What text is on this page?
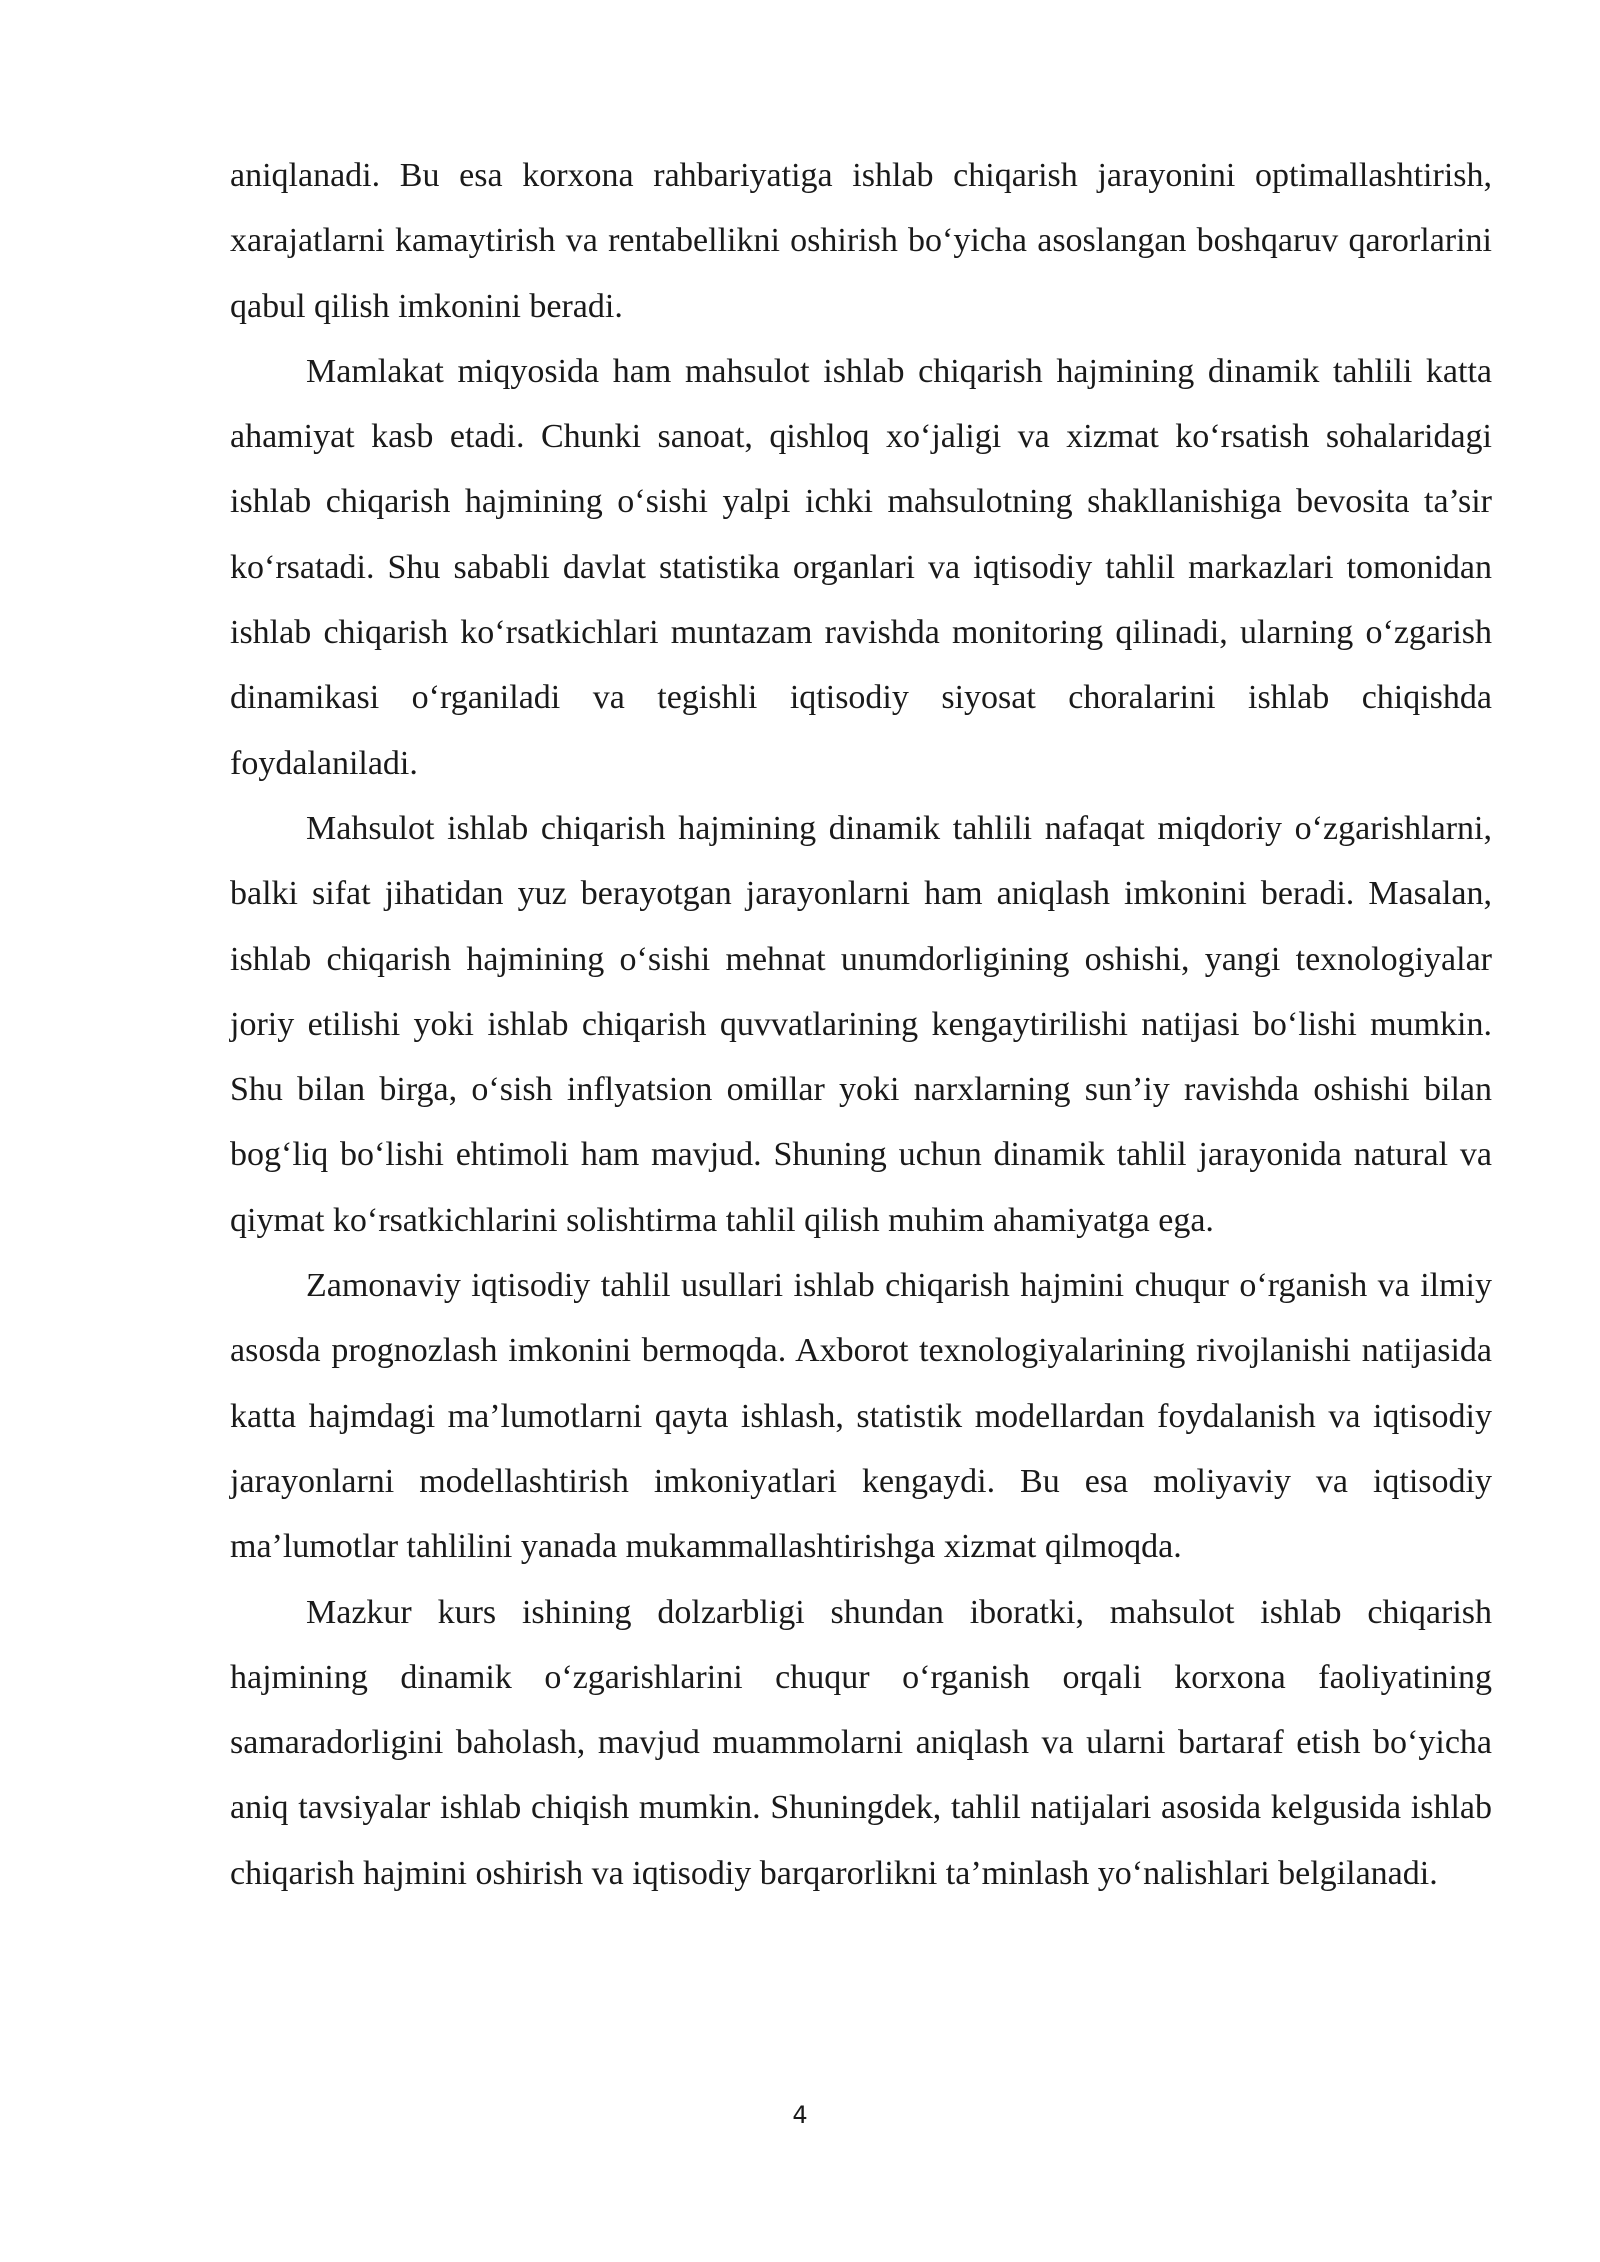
aniqlanadi. Bu esa korxona rahbariyatiga ishlab chiqarish jarayonini optimallashtirish, xarajatlarni kamaytirish va rentabellikni oshirish bo‘yicha asoslangan boshqaruv qarorlarini qabul qilish imkonini beradi.

Mamlakat miqyosida ham mahsulot ishlab chiqarish hajmining dinamik tahlili katta ahamiyat kasb etadi. Chunki sanoat, qishloq xo‘jaligi va xizmat ko‘rsatish sohalaridagi ishlab chiqarish hajmining o‘sishi yalpi ichki mahsulotning shakllanishiga bevosita ta’sir ko‘rsatadi. Shu sababli davlat statistika organlari va iqtisodiy tahlil markazlari tomonidan ishlab chiqarish ko‘rsatkichlari muntazam ravishda monitoring qilinadi, ularning o‘zgarish dinamikasi o‘rganiladi va tegishli iqtisodiy siyosat choralarini ishlab chiqishda foydalaniladi.

Mahsulot ishlab chiqarish hajmining dinamik tahlili nafaqat miqdoriy o‘zgarishlarni, balki sifat jihatidan yuz berayotgan jarayonlarni ham aniqlash imkonini beradi. Masalan, ishlab chiqarish hajmining o‘sishi mehnat unumdorligining oshishi, yangi texnologiyalar joriy etilishi yoki ishlab chiqarish quvvatlarining kengaytirilishi natijasi bo‘lishi mumkin. Shu bilan birga, o‘sish inflyatsion omillar yoki narxlarning sun’iy ravishda oshishi bilan bog‘liq bo‘lishi ehtimoli ham mavjud. Shuning uchun dinamik tahlil jarayonida natural va qiymat ko‘rsatkichlarini solishtirma tahlil qilish muhim ahamiyatga ega.

Zamonaviy iqtisodiy tahlil usullari ishlab chiqarish hajmini chuqur o‘rganish va ilmiy asosda prognozlash imkonini bermoqda. Axborot texnologiyalarining rivojlanishi natijasida katta hajmdagi ma’lumotlarni qayta ishlash, statistik modellardan foydalanish va iqtisodiy jarayonlarni modellashtirish imkoniyatlari kengaydi. Bu esa moliyaviy va iqtisodiy ma’lumotlar tahlilini yanada mukammallashtirishga xizmat qilmoqda.

Mazkur kurs ishining dolzarbligi shundan iboratki, mahsulot ishlab chiqarish hajmining dinamik o‘zgarishlarini chuqur o‘rganish orqali korxona faoliyatining samaradorligini baholash, mavjud muammolarni aniqlash va ularni bartaraf etish bo‘yicha aniq tavsiyalar ishlab chiqish mumkin. Shuningdek, tahlil natijalari asosida kelgusida ishlab chiqarish hajmini oshirish va iqtisodiy barqarorlikni ta’minlash yo‘nalishlari belgilanadi.

4
